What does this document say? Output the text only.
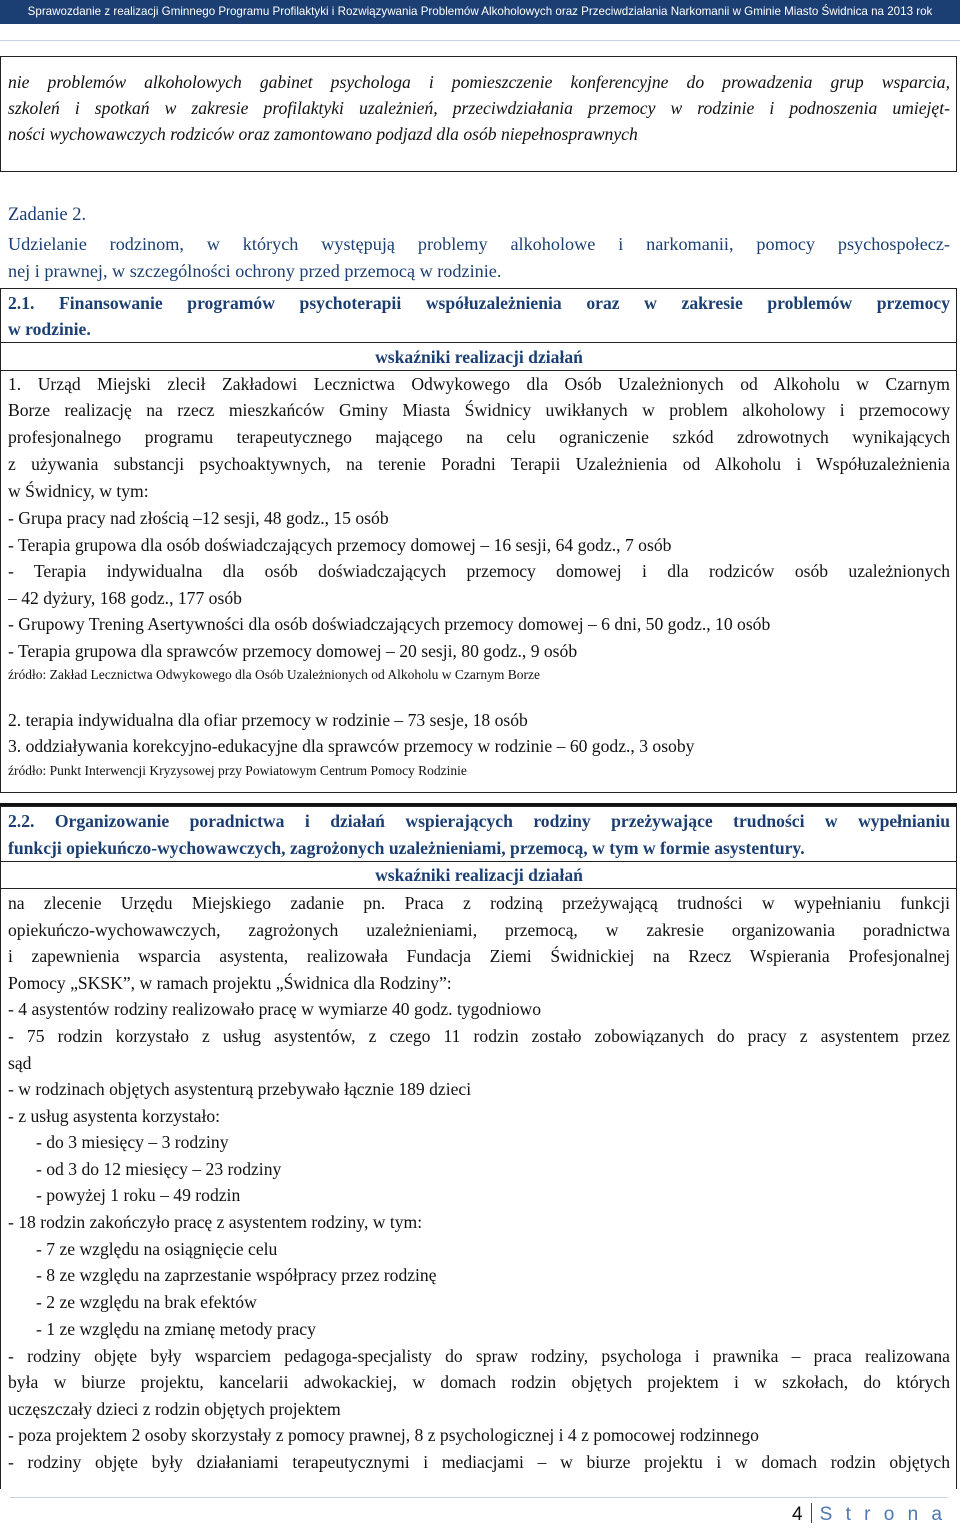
Sprawozdanie z realizacji Gminnego Programu Profilaktyki i Rozwiązywania Problemów Alkoholowych oraz Przeciwdziałania Narkomanii w Gminie Miasto Świdnica na 2013 rok
nie problemów alkoholowych gabinet psychologa i pomieszczenie konferencyjne do prowadzenia grup wsparcia,
szkoleń i spotkań w zakresie profilaktyki uzależnień, przeciwdziałania przemocy w rodzinie i podnoszenia umiejęt-
ności wychowawczych rodziców oraz zamontowano podjazd dla osób niepełnosprawnych
Zadanie 2.
Udzielanie rodzinom, w których występują problemy alkoholowe i narkomanii, pomocy psychospołecz-
nej i prawnej, w szczególności ochrony przed przemocą w rodzinie.
2.1. Finansowanie programów psychoterapii współuzależnienia oraz w zakresie problemów przemocy
w rodzinie.
wskaźniki realizacji działań
1. Urząd Miejski zlecił Zakładowi Lecznictwa Odwykowego dla Osób Uzależnionych od Alkoholu w Czarnym
Borze realizację na rzecz mieszkańców Gminy Miasta Świdnicy uwikłanych w problem alkoholowy i przemocowy
profesjonalnego programu terapeutycznego mającego na celu ograniczenie szkód zdrowotnych wynikających
z używania substancji psychoaktywnych, na terenie Poradni Terapii Uzależnienia od Alkoholu i Współuzależnienia
w Świdnicy, w tym:
- Grupa pracy nad złością –12 sesji, 48 godz., 15 osób
- Terapia grupowa dla osób doświadczających przemocy domowej – 16 sesji, 64 godz., 7 osób
- Terapia indywidualna dla osób doświadczających przemocy domowej i dla rodziców osób uzależnionych
– 42 dyżury, 168 godz., 177 osób
- Grupowy Trening Asertywności dla osób doświadczających przemocy domowej – 6 dni, 50 godz., 10 osób
- Terapia grupowa dla sprawców przemocy domowej – 20 sesji, 80 godz., 9 osób
źródło: Zakład Lecznictwa Odwykowego dla Osób Uzależnionych od Alkoholu w Czarnym Borze
2. terapia indywidualna dla ofiar przemocy w rodzinie – 73 sesje, 18 osób
3. oddziaływania korekcyjno-edukacyjne dla sprawców przemocy w rodzinie – 60 godz., 3 osoby
źródło: Punkt Interwencji Kryzysowej przy Powiatowym Centrum Pomocy Rodzinie
2.2. Organizowanie poradnictwa i działań wspierających rodziny przeżywające trudności w wypełnianiu
funkcji opiekuńczo-wychowawczych, zagrożonych uzależnieniami, przemocą, w tym w formie asystentury.
wskaźniki realizacji działań
na zlecenie Urzędu Miejskiego zadanie pn. Praca z rodziną przeżywającą trudności w wypełnianiu funkcji
opiekuńczo-wychowawczych, zagrożonych uzależnieniami, przemocą, w zakresie organizowania poradnictwa
i zapewnienia wsparcia asystenta, realizowała Fundacja Ziemi Świdnickiej na Rzecz Wspierania Profesjonalnej
Pomocy „SKSK”, w ramach projektu „Świdnica dla Rodziny”:
- 4 asystentów rodziny realizowało pracę w wymiarze 40 godz. tygodniowo
- 75 rodzin korzystało z usług asystentów, z czego 11 rodzin zostało zobowiązanych do pracy z asystentem przez
sąd
- w rodzinach objętych asystenturą przebywało łącznie 189 dzieci
- z usług asystenta korzystało:
- do 3 miesięcy – 3 rodziny
- od 3 do 12 miesięcy – 23 rodziny
- powyżej 1 roku – 49 rodzin
- 18 rodzin zakończyło pracę z asystentem rodziny, w tym:
- 7 ze względu na osiągnięcie celu
- 8 ze względu na zaprzestanie współpracy przez rodzinę
- 2 ze względu na brak efektów
- 1 ze względu na zmianę metody pracy
- rodziny objęte były wsparciem pedagoga-specjalisty do spraw rodziny, psychologa i prawnika – praca realizowana
była w biurze projektu, kancelarii adwokackiej, w domach rodzin objętych projektem i w szkołach, do których
uczęszczały dzieci z rodzin objętych projektem
- poza projektem 2 osoby skorzystały z pomocy prawnej, 8 z psychologicznej i 4 z pomocowej rodzinnego
- rodziny objęte były działaniami terapeutycznymi i mediacjami – w biurze projektu i w domach rodzin objętych
4 S t r o n a
